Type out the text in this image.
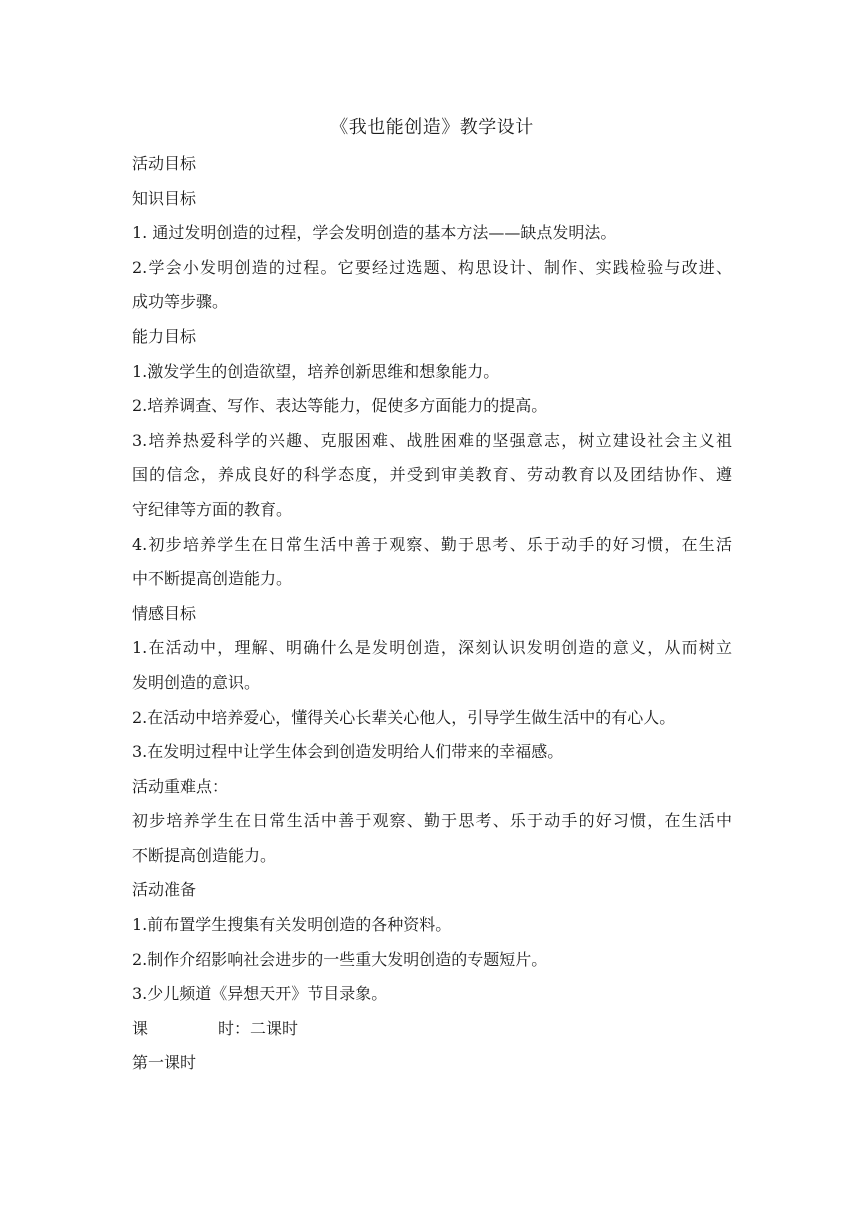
《我也能创造》教学设计
活动目标
知识目标
1. 通过发明创造的过程，学会发明创造的基本方法——缺点发明法。
2.学会小发明创造的过程。它要经过选题、构思设计、制作、实践检验与改进、
成功等步骤。
能力目标
1.激发学生的创造欲望，培养创新思维和想象能力。
2.培养调查、写作、表达等能力，促使多方面能力的提高。
3.培养热爱科学的兴趣、克服困难、战胜困难的坚强意志，树立建设社会主义祖
国的信念，养成良好的科学态度，并受到审美教育、劳动教育以及团结协作、遵
守纪律等方面的教育。
4.初步培养学生在日常生活中善于观察、勤于思考、乐于动手的好习惯，在生活
中不断提高创造能力。
情感目标
1.在活动中，理解、明确什么是发明创造，深刻认识发明创造的意义，从而树立
发明创造的意识。
2.在活动中培养爱心，懂得关心长辈关心他人，引导学生做生活中的有心人。
3.在发明过程中让学生体会到创造发明给人们带来的幸福感。
活动重难点：
初步培养学生在日常生活中善于观察、勤于思考、乐于动手的好习惯，在生活中
不断提高创造能力。
活动准备
1.前布置学生搜集有关发明创造的各种资料。
2.制作介绍影响社会进步的一些重大发明创造的专题短片。
3.少儿频道《异想天开》节目录象。
课	时：二课时
第一课时
